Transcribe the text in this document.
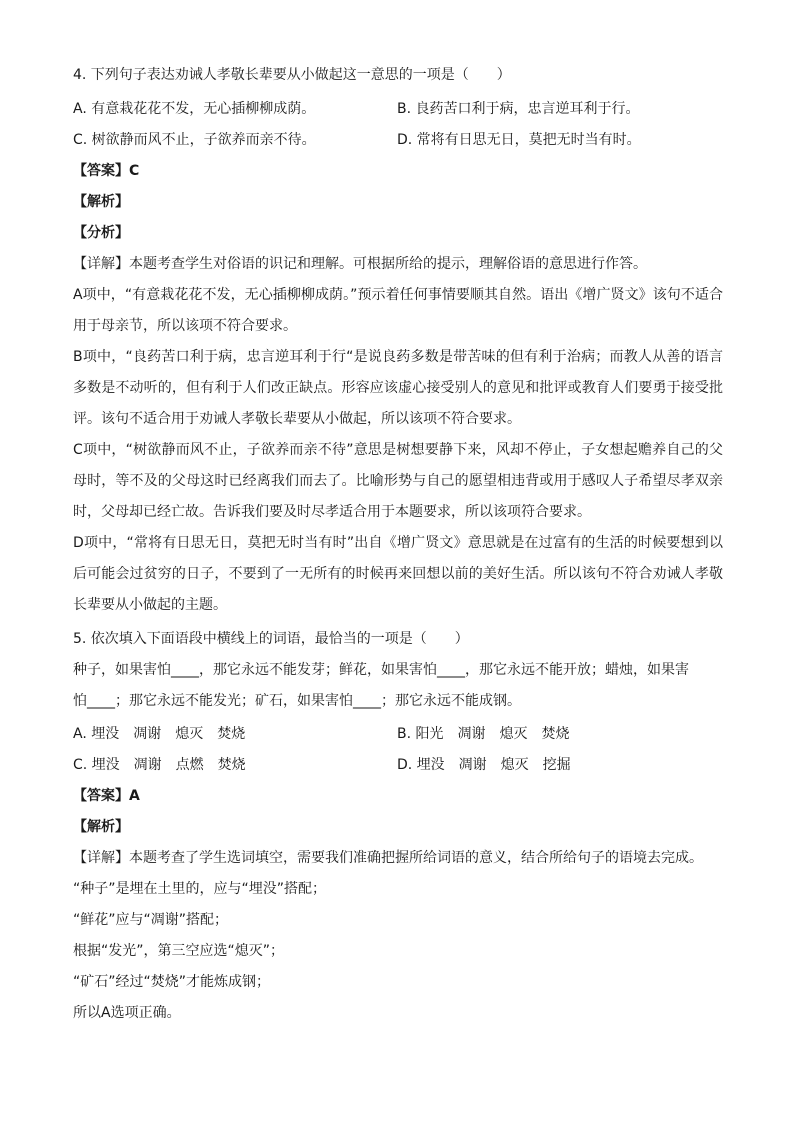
4. 下列句子表达劝诫人孝敬长辈要从小做起这一意思的一项是（　　）
A. 有意栽花花不发，无心插柳柳成荫。	B. 良药苦口利于病，忠言逆耳利于行。
C. 树欲静而风不止，子欲养而亲不待。	D. 常将有日思无日，莫把无时当有时。
【答案】C
【解析】
【分析】
【详解】本题考查学生对俗语的识记和理解。可根据所给的提示，理解俗语的意思进行作答。
A项中，“有意栽花花不发，无心插柳柳成荫。”预示着任何事情要顺其自然。语出《增广贤文》该句不适合用于母亲节，所以该项不符合要求。
B项中，“良药苦口利于病，忠言逆耳利于行“是说良药多数是带苦味的但有利于治病；而教人从善的语言多数是不动听的，但有利于人们改正缺点。形容应该虚心接受别人的意见和批评或教育人们要勇于接受批评。该句不适合用于劝诫人孝敬长辈要从小做起，所以该项不符合要求。
C项中，“树欲静而风不止，子欲养而亲不待”意思是树想要静下来，风却不停止，子女想起赡养自己的父母时，等不及的父母这时已经离我们而去了。比喻形势与自己的愿望相违背或用于感叹人子希望尽孝双亲时，父母却已经亡故。告诉我们要及时尽孝适合用于本题要求，所以该项符合要求。
D项中，“常将有日思无日，莫把无时当有时”出自《增广贤文》意思就是在过富有的生活的时候要想到以后可能会过贫穷的日子，不要到了一无所有的时候再来回想以前的美好生活。所以该句不符合劝诫人孝敬长辈要从小做起的主题。
5. 依次填入下面语段中横线上的词语，最恰当的一项是（　　）
种子，如果害怕____，那它永远不能发芽；鲜花，如果害怕____，那它永远不能开放；蜡烛，如果害
怕____；那它永远不能发光；矿石，如果害怕____；那它永远不能成钢。
A. 埋没　凋谢　熄灭　焚烧	B. 阳光　凋谢　熄灭　焚烧
C. 埋没　凋谢　点燃　焚烧	D. 埋没　凋谢　熄灭　挖掘
【答案】A
【解析】
【详解】本题考查了学生选词填空，需要我们准确把握所给词语的意义，结合所给句子的语境去完成。
“种子”是埋在土里的，应与“埋没”搭配；
“鲜花”应与“凋谢”搭配；
根据“发光”，第三空应选“熄灭”；
“矿石”经过“焚烧”才能炼成钢；
所以A选项正确。
